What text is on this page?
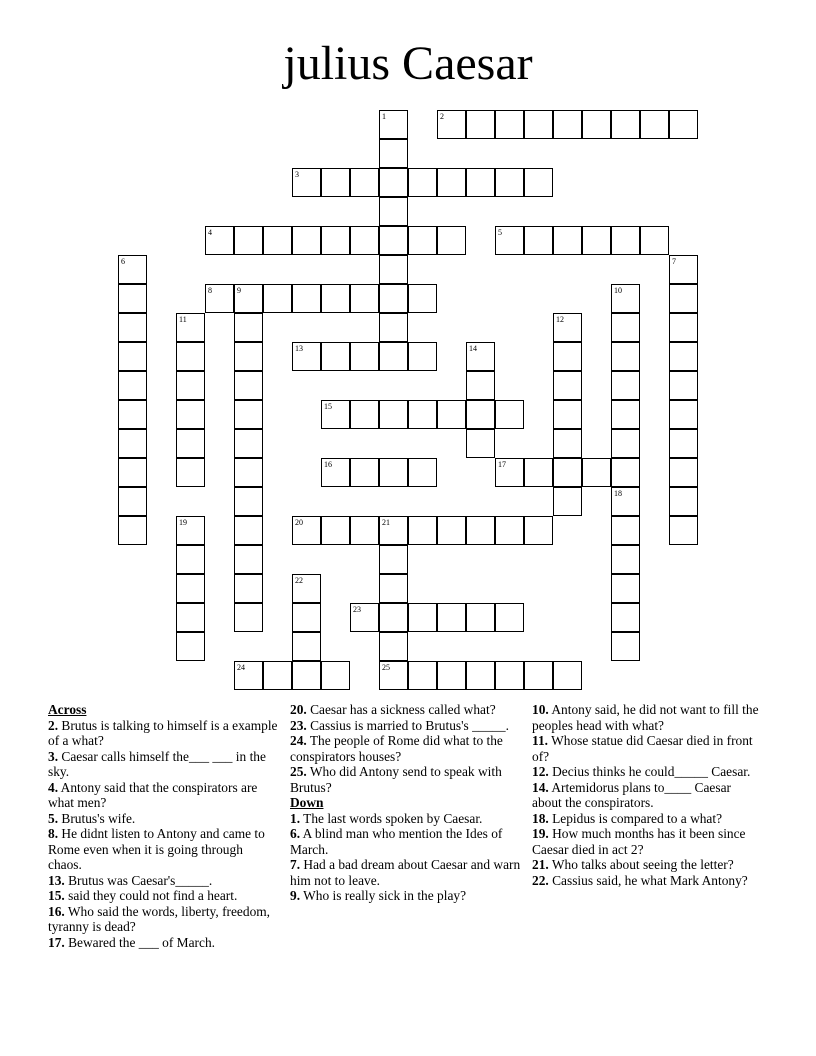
julius Caesar
1	2
3
4	5
6	7
8	9	10
11	12
13	14
15
16	17
18
19	20	21
25
22
23
24
Across
2. Brutus is talking to himself is a example of a what?
3. Caesar calls himself the___ ___ in the sky.
4. Antony said that the conspirators are what men?
5. Brutus's wife.
8. He didnt listen to Antony and came to Rome even when it is going through chaos.
13. Brutus was Caesar's_____.
15. said they could not find a heart.
16. Who said the words, liberty, freedom, tyranny is dead?
17. Bewared the ___ of March.
20. Caesar has a sickness called what?
23. Cassius is married to Brutus's _____.
24. The people of Rome did what to the conspirators houses?
25. Who did Antony send to speak with Brutus?
Down
1. The last words spoken by Caesar.
6. A blind man who mention the Ides of March.
7. Had a bad dream about Caesar and warn him not to leave.
9. Who is really sick in the play?
10. Antony said, he did not want to fill the peoples head with what?
11. Whose statue did Caesar died in front of?
12. Decius thinks he could_____ Caesar.
14. Artemidorus plans to____ Caesar about the conspirators.
18. Lepidus is compared to a what?
19. How much months has it been since Caesar died in act 2?
21. Who talks about seeing the letter?
22. Cassius said, he what Mark Antony?
